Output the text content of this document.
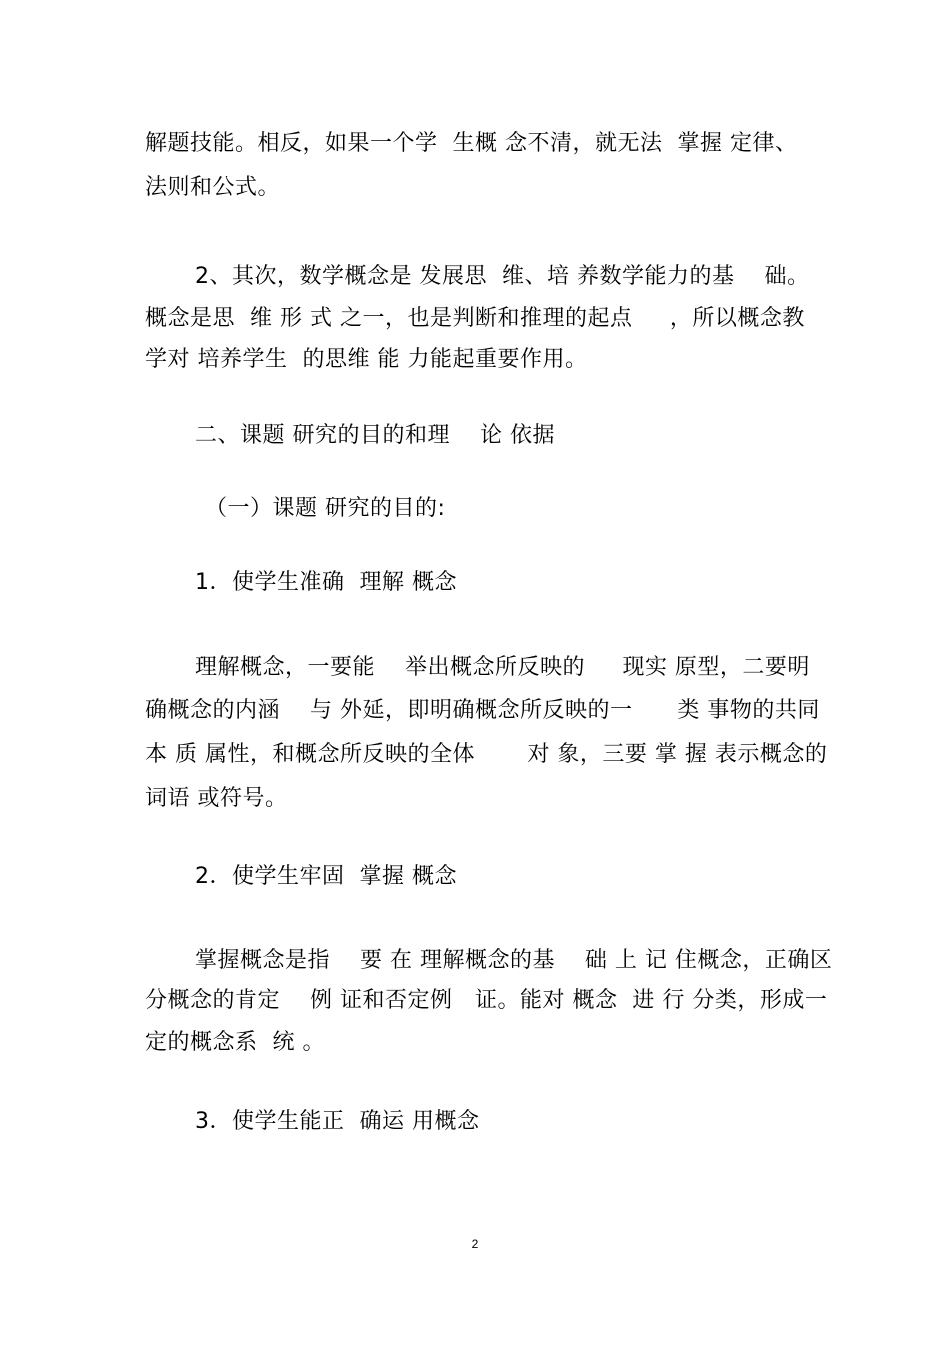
解题技能。相反，如果一个学  生概 念不清，就无法  掌握 定律、
法则和公式。
2、其次，数学概念是 发展思  维、培 养数学能力的基    础。
概念是思  维 形 式 之一，也是判断和推理的起点     ，所以概念教
学对 培养学生  的思维 能 力能起重要作用。
二、课题 研究的目的和理    论 依据
（一）课题 研究的目的:
1．使学生准确  理解 概念
理解概念，一要能    举出概念所反映的     现实 原型，二要明
确概念的内涵    与 外延，即明确概念所反映的一      类 事物的共同
本 质 属性，和概念所反映的全体       对 象，三要 掌 握 表示概念的
词语 或符号。
2．使学生牢固  掌握 概念
掌握概念是指    要 在 理解概念的基    础 上 记 住概念，正确区
分概念的肯定    例 证和否定例   证。能对 概念  进 行 分类，形成一
定的概念系  统 。
3．使学生能正  确运 用概念
2
